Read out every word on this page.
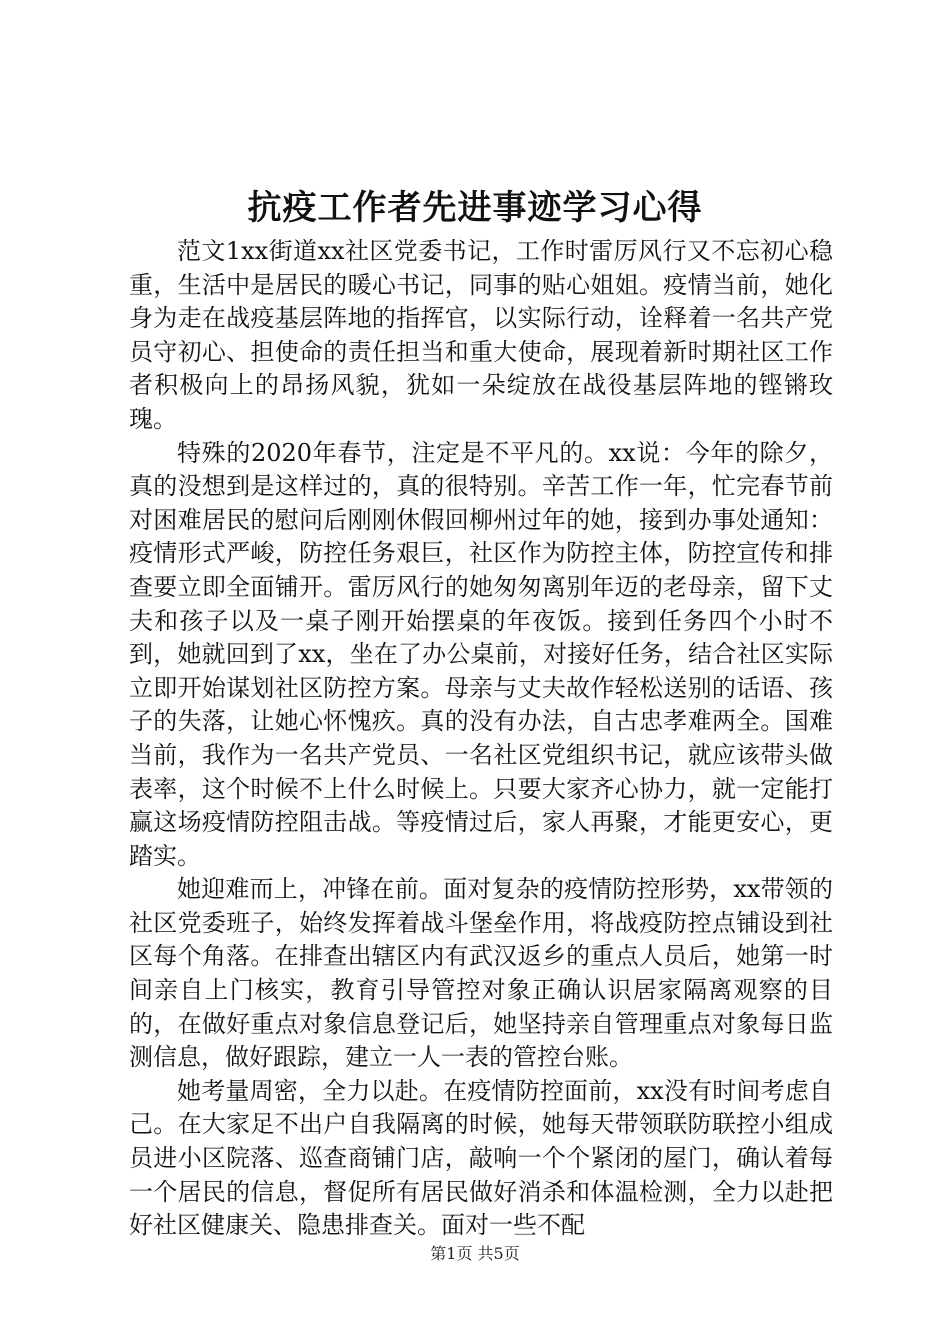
抗疫工作者先进事迹学习心得

范文1xx街道xx社区党委书记，工作时雷厉风行又不忘初心稳重，生活中是居民的暖心书记，同事的贴心姐姐。疫情当前，她化身为走在战疫基层阵地的指挥官，以实际行动，诠释着一名共产党员守初心、担使命的责任担当和重大使命，展现着新时期社区工作者积极向上的昂扬风貌，犹如一朵绽放在战役基层阵地的铿锵玫瑰。

特殊的2020年春节，注定是不平凡的。xx说：今年的除夕，真的没想到是这样过的，真的很特别。辛苦工作一年，忙完春节前对困难居民的慰问后刚刚休假回柳州过年的她，接到办事处通知：疫情形式严峻，防控任务艰巨，社区作为防控主体，防控宣传和排查要立即全面铺开。雷厉风行的她匆匆离别年迈的老母亲，留下丈夫和孩子以及一桌子刚开始摆桌的年夜饭。接到任务四个小时不到，她就回到了xx，坐在了办公桌前，对接好任务，结合社区实际立即开始谋划社区防控方案。母亲与丈夫故作轻松送别的话语、孩子的失落，让她心怀愧疚。真的没有办法，自古忠孝难两全。国难当前，我作为一名共产党员、一名社区党组织书记，就应该带头做表率，这个时候不上什么时候上。只要大家齐心协力，就一定能打赢这场疫情防控阻击战。等疫情过后，家人再聚，才能更安心，更踏实。

她迎难而上，冲锋在前。面对复杂的疫情防控形势，xx带领的社区党委班子，始终发挥着战斗堡垒作用，将战疫防控点铺设到社区每个角落。在排查出辖区内有武汉返乡的重点人员后，她第一时间亲自上门核实，教育引导管控对象正确认识居家隔离观察的目的，在做好重点对象信息登记后，她坚持亲自管理重点对象每日监测信息，做好跟踪，建立一人一表的管控台账。

她考量周密，全力以赴。在疫情防控面前，xx没有时间考虑自己。在大家足不出户自我隔离的时候，她每天带领联防联控小组成员进小区院落、巡查商铺门店，敲响一个个紧闭的屋门，确认着每一个居民的信息，督促所有居民做好消杀和体温检测，全力以赴把好社区健康关、隐患排查关。面对一些不配

第1页 共5页
